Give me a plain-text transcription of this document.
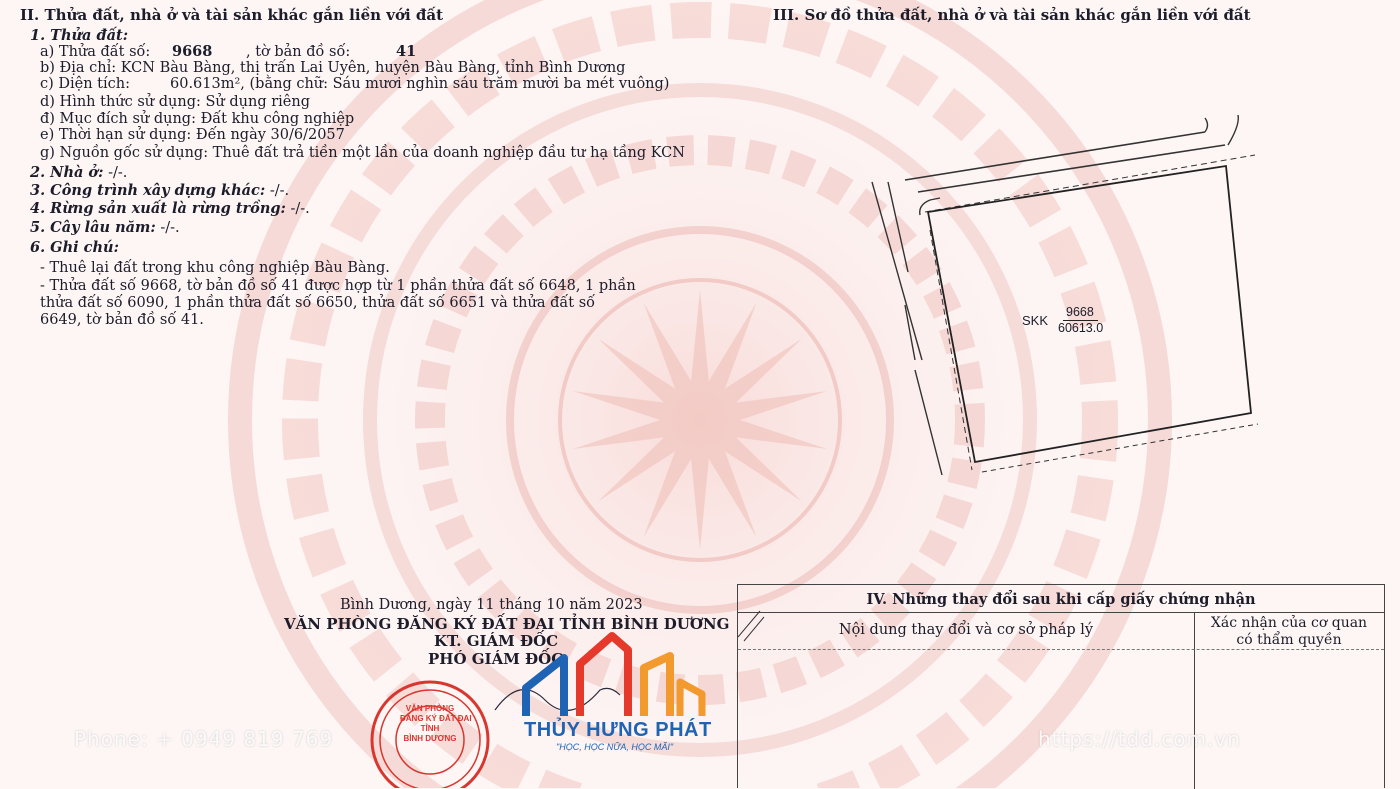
II. Thửa đất, nhà ở và tài sản khác gắn liền với đất
1. Thửa đất:
a) Thửa đất số: 9668 , tờ bản đồ số:	41
b) Địa chỉ: KCN Bàu Bàng, thị trấn Lai Uyên, huyện Bàu Bàng, tỉnh Bình Dương
c) Diện tích:	60.613m², (bằng chữ: Sáu mươi nghìn sáu trăm mười ba mét vuông)
d) Hình thức sử dụng: Sử dụng riêng
đ) Mục đích sử dụng: Đất khu công nghiệp
e) Thời hạn sử dụng: Đến ngày 30/6/2057
g) Nguồn gốc sử dụng: Thuê đất trả tiền một lần của doanh nghiệp đầu tư hạ tầng KCN
2. Nhà ở: -/-.
3. Công trình xây dựng khác: -/-.
4. Rừng sản xuất là rừng trồng: -/-.
5. Cây lâu năm: -/-.
6. Ghi chú:
- Thuê lại đất trong khu công nghiệp Bàu Bàng.
- Thửa đất số 9668, tờ bản đồ số 41 được hợp từ 1 phần thửa đất số 6648, 1 phần thửa đất số 6090, 1 phần thửa đất số 6650, thửa đất số 6651 và thửa đất số 6649, tờ bản đồ số 41.
III. Sơ đồ thửa đất, nhà ở và tài sản khác gắn liền với đất
SKK
9668
60613.0
Bình Dương, ngày 11 tháng 10 năm 2023
VĂN PHÒNG ĐĂNG KÝ ĐẤT ĐAI TỈNH BÌNH DƯƠNG
KT. GIÁM ĐỐC
PHÓ GIÁM ĐỐC
VĂN PHÒNG
ĐĂNG KÝ ĐẤT ĐAI
TỈNH
BÌNH DƯƠNG
IV. Những thay đổi sau khi cấp giấy chứng nhận
Nội dung thay đổi và cơ sở pháp lý	Xác nhận của cơ quan
có thẩm quyền
Phone: + 0949 819 769	https://tdd.com.vn
THỦY HƯNG PHÁT
"HỌC, HỌC NỮA, HỌC MÃI"
